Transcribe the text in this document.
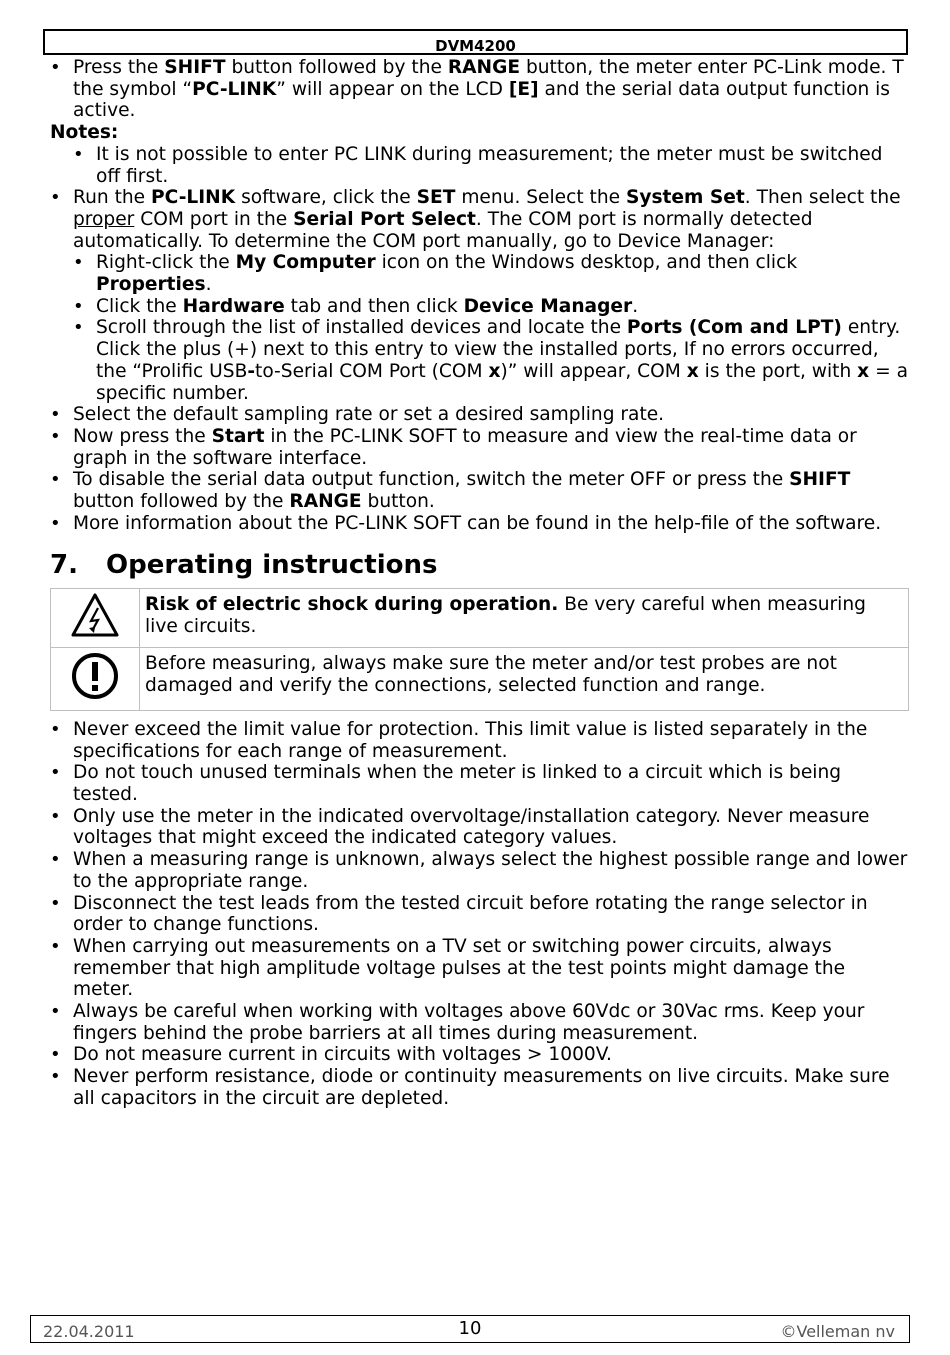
DVM4200
• Press the SHIFT button followed by the RANGE button, the meter enter PC-Link mode. T the symbol “PC-LINK” will appear on the LCD [E] and the serial data output function is active.
Notes:
• It is not possible to enter PC LINK during measurement; the meter must be switched off first.
• Run the PC-LINK software, click the SET menu. Select the System Set. Then select the proper COM port in the Serial Port Select. The COM port is normally detected automatically. To determine the COM port manually, go to Device Manager:
• Right-click the My Computer icon on the Windows desktop, and then click Properties.
• Click the Hardware tab and then click Device Manager.
• Scroll through the list of installed devices and locate the Ports (Com and LPT) entry. Click the plus (+) next to this entry to view the installed ports, If no errors occurred, the “Prolific USB-to-Serial COM Port (COM x)” will appear, COM x is the port, with x = a specific number.
• Select the default sampling rate or set a desired sampling rate.
• Now press the Start in the PC-LINK SOFT to measure and view the real-time data or graph in the software interface.
• To disable the serial data output function, switch the meter OFF or press the SHIFT button followed by the RANGE button.
• More information about the PC-LINK SOFT can be found in the help-file of the software.
7. Operating instructions
	Risk of electric shock during operation. Be very careful when measuring live circuits.
	Before measuring, always make sure the meter and/or test probes are not damaged and verify the connections, selected function and range.
• Never exceed the limit value for protection. This limit value is listed separately in the specifications for each range of measurement.
• Do not touch unused terminals when the meter is linked to a circuit which is being tested.
• Only use the meter in the indicated overvoltage/installation category. Never measure voltages that might exceed the indicated category values.
• When a measuring range is unknown, always select the highest possible range and lower to the appropriate range.
• Disconnect the test leads from the tested circuit before rotating the range selector in order to change functions.
• When carrying out measurements on a TV set or switching power circuits, always remember that high amplitude voltage pulses at the test points might damage the meter.
• Always be careful when working with voltages above 60Vdc or 30Vac rms. Keep your fingers behind the probe barriers at all times during measurement.
• Do not measure current in circuits with voltages > 1000V.
• Never perform resistance, diode or continuity measurements on live circuits. Make sure all capacitors in the circuit are depleted.
22.04.2011	10	©Velleman nv
